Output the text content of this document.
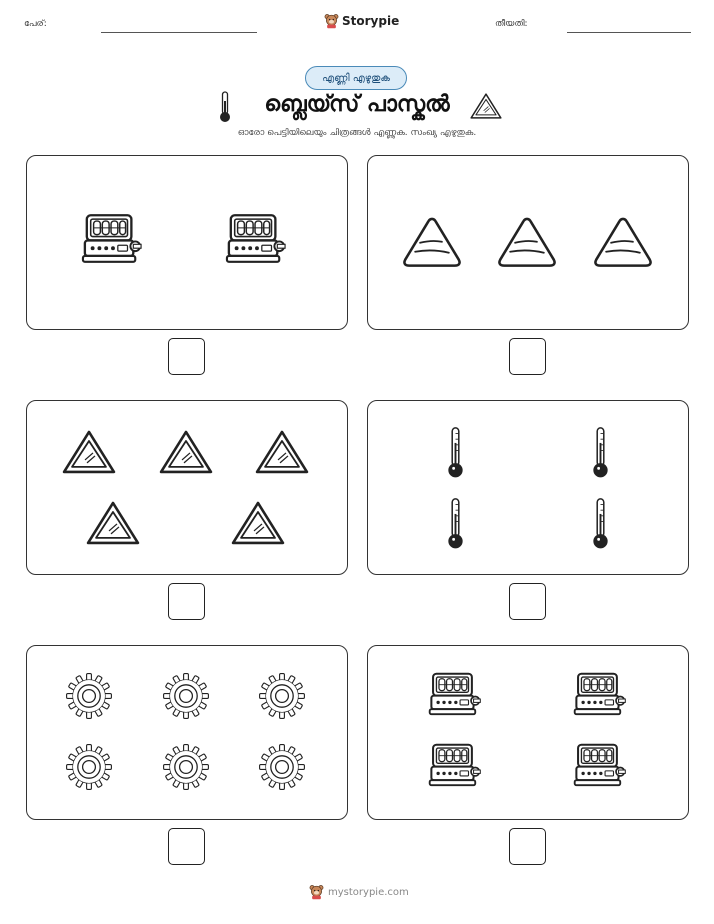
പേര്:	Storypie	തീയതി:
എണ്ണി എഴുതുക
ബ്ലെയ്സ് പാസ്കൽ
ഓരോ പെട്ടിയിലെയും ചിത്രങ്ങൾ എണ്ണുക. സംഖ്യ എഴുതുക.
mystorypie.com
